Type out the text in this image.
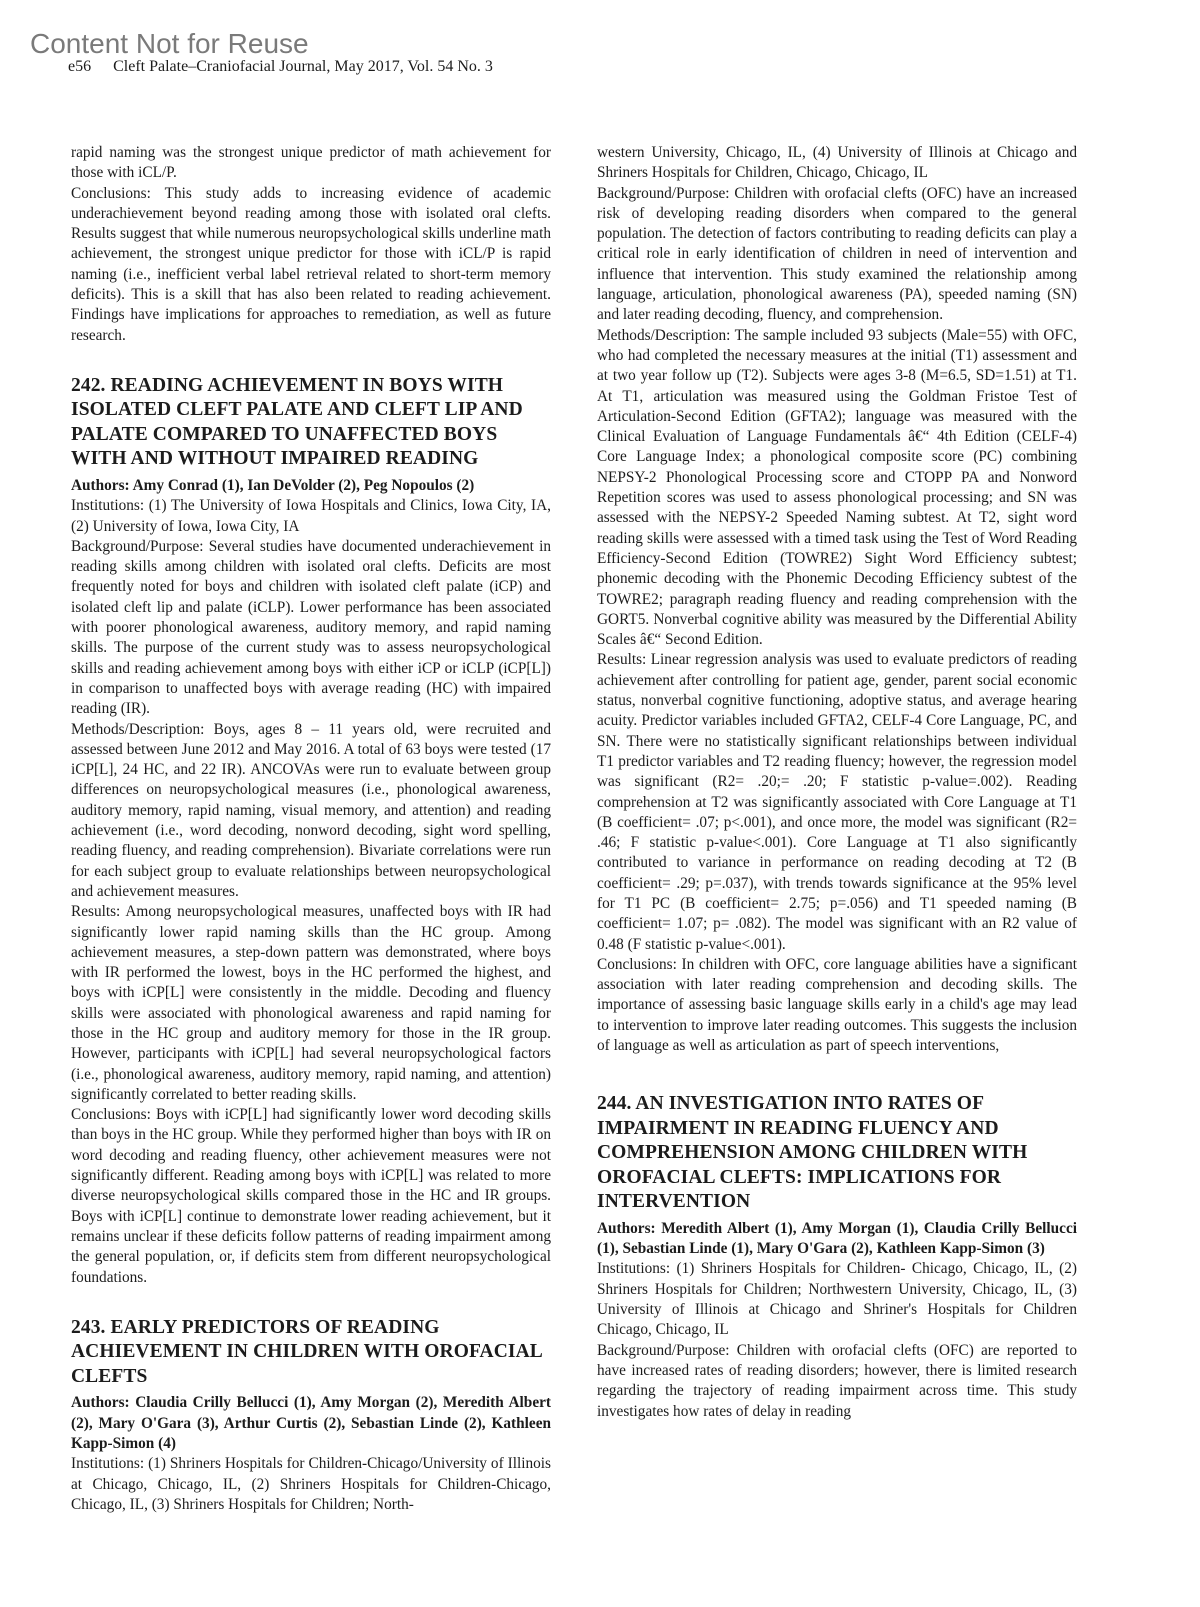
Content Not for Reuse
e56 Cleft Palate–Craniofacial Journal, May 2017, Vol. 54 No. 3

rapid naming was the strongest unique predictor of math achievement for those with iCL/P.

Conclusions: This study adds to increasing evidence of academic underachievement beyond reading among those with isolated oral clefts. Results suggest that while numerous neuropsychological skills underline math achievement, the strongest unique predictor for those with iCL/P is rapid naming (i.e., inefficient verbal label retrieval related to short-term memory deficits). This is a skill that has also been related to reading achievement. Findings have implications for approaches to remediation, as well as future research.

242. READING ACHIEVEMENT IN BOYS WITH ISOLATED CLEFT PALATE AND CLEFT LIP AND PALATE COMPARED TO UNAFFECTED BOYS WITH AND WITHOUT IMPAIRED READING

Authors: Amy Conrad (1), Ian DeVolder (2), Peg Nopoulos (2)

Institutions: (1) The University of Iowa Hospitals and Clinics, Iowa City, IA, (2) University of Iowa, Iowa City, IA

Background/Purpose: Several studies have documented underachievement in reading skills among children with isolated oral clefts. Deficits are most frequently noted for boys and children with isolated cleft palate (iCP) and isolated cleft lip and palate (iCLP). Lower performance has been associated with poorer phonological awareness, auditory memory, and rapid naming skills. The purpose of the current study was to assess neuropsychological skills and reading achievement among boys with either iCP or iCLP (iCP[L]) in comparison to unaffected boys with average reading (HC) with impaired reading (IR).

Methods/Description: Boys, ages 8 – 11 years old, were recruited and assessed between June 2012 and May 2016. A total of 63 boys were tested (17 iCP[L], 24 HC, and 22 IR). ANCOVAs were run to evaluate between group differences on neuropsychological measures (i.e., phonological awareness, auditory memory, rapid naming, visual memory, and attention) and reading achievement (i.e., word decoding, nonword decoding, sight word spelling, reading fluency, and reading comprehension). Bivariate correlations were run for each subject group to evaluate relationships between neuropsychological and achievement measures.

Results: Among neuropsychological measures, unaffected boys with IR had significantly lower rapid naming skills than the HC group. Among achievement measures, a step-down pattern was demonstrated, where boys with IR performed the lowest, boys in the HC performed the highest, and boys with iCP[L] were consistently in the middle. Decoding and fluency skills were associated with phonological awareness and rapid naming for those in the HC group and auditory memory for those in the IR group. However, participants with iCP[L] had several neuropsychological factors (i.e., phonological awareness, auditory memory, rapid naming, and attention) significantly correlated to better reading skills.

Conclusions: Boys with iCP[L] had significantly lower word decoding skills than boys in the HC group. While they performed higher than boys with IR on word decoding and reading fluency, other achievement measures were not significantly different. Reading among boys with iCP[L] was related to more diverse neuropsychological skills compared those in the HC and IR groups. Boys with iCP[L] continue to demonstrate lower reading achievement, but it remains unclear if these deficits follow patterns of reading impairment among the general population, or, if deficits stem from different neuropsychological foundations.

243. EARLY PREDICTORS OF READING ACHIEVEMENT IN CHILDREN WITH OROFACIAL CLEFTS

Authors: Claudia Crilly Bellucci (1), Amy Morgan (2), Meredith Albert (2), Mary O'Gara (3), Arthur Curtis (2), Sebastian Linde (2), Kathleen Kapp-Simon (4)

Institutions: (1) Shriners Hospitals for Children-Chicago/University of Illinois at Chicago, Chicago, IL, (2) Shriners Hospitals for Children-Chicago, Chicago, IL, (3) Shriners Hospitals for Children; North-

western University, Chicago, IL, (4) University of Illinois at Chicago and Shriners Hospitals for Children, Chicago, Chicago, IL

Background/Purpose: Children with orofacial clefts (OFC) have an increased risk of developing reading disorders when compared to the general population. The detection of factors contributing to reading deficits can play a critical role in early identification of children in need of intervention and influence that intervention. This study examined the relationship among language, articulation, phonological awareness (PA), speeded naming (SN) and later reading decoding, fluency, and comprehension.

Methods/Description: The sample included 93 subjects (Male=55) with OFC, who had completed the necessary measures at the initial (T1) assessment and at two year follow up (T2). Subjects were ages 3-8 (M=6.5, SD=1.51) at T1. At T1, articulation was measured using the Goldman Fristoe Test of Articulation-Second Edition (GFTA2); language was measured with the Clinical Evaluation of Language Fundamentals â€“ 4th Edition (CELF-4) Core Language Index; a phonological composite score (PC) combining NEPSY-2 Phonological Processing score and CTOPP PA and Nonword Repetition scores was used to assess phonological processing; and SN was assessed with the NEPSY-2 Speeded Naming subtest. At T2, sight word reading skills were assessed with a timed task using the Test of Word Reading Efficiency-Second Edition (TOWRE2) Sight Word Efficiency subtest; phonemic decoding with the Phonemic Decoding Efficiency subtest of the TOWRE2; paragraph reading fluency and reading comprehension with the GORT5. Nonverbal cognitive ability was measured by the Differential Ability Scales â€“ Second Edition.

Results: Linear regression analysis was used to evaluate predictors of reading achievement after controlling for patient age, gender, parent social economic status, nonverbal cognitive functioning, adoptive status, and average hearing acuity. Predictor variables included GFTA2, CELF-4 Core Language, PC, and SN. There were no statistically significant relationships between individual T1 predictor variables and T2 reading fluency; however, the regression model was significant (R2= .20;= .20; F statistic p-value=.002). Reading comprehension at T2 was significantly associated with Core Language at T1 (B coefficient= .07; p<.001), and once more, the model was significant (R2= .46; F statistic p-value<.001). Core Language at T1 also significantly contributed to variance in performance on reading decoding at T2 (B coefficient= .29; p=.037), with trends towards significance at the 95% level for T1 PC (B coefficient= 2.75; p=.056) and T1 speeded naming (B coefficient= 1.07; p= .082). The model was significant with an R2 value of 0.48 (F statistic p-value<.001).

Conclusions: In children with OFC, core language abilities have a significant association with later reading comprehension and decoding skills. The importance of assessing basic language skills early in a child's age may lead to intervention to improve later reading outcomes. This suggests the inclusion of language as well as articulation as part of speech interventions,

244. AN INVESTIGATION INTO RATES OF IMPAIRMENT IN READING FLUENCY AND COMPREHENSION AMONG CHILDREN WITH OROFACIAL CLEFTS: IMPLICATIONS FOR INTERVENTION

Authors: Meredith Albert (1), Amy Morgan (1), Claudia Crilly Bellucci (1), Sebastian Linde (1), Mary O'Gara (2), Kathleen Kapp-Simon (3)

Institutions: (1) Shriners Hospitals for Children- Chicago, Chicago, IL, (2) Shriners Hospitals for Children; Northwestern University, Chicago, IL, (3) University of Illinois at Chicago and Shriner's Hospitals for Children Chicago, Chicago, IL

Background/Purpose: Children with orofacial clefts (OFC) are reported to have increased rates of reading disorders; however, there is limited research regarding the trajectory of reading impairment across time. This study investigates how rates of delay in reading
